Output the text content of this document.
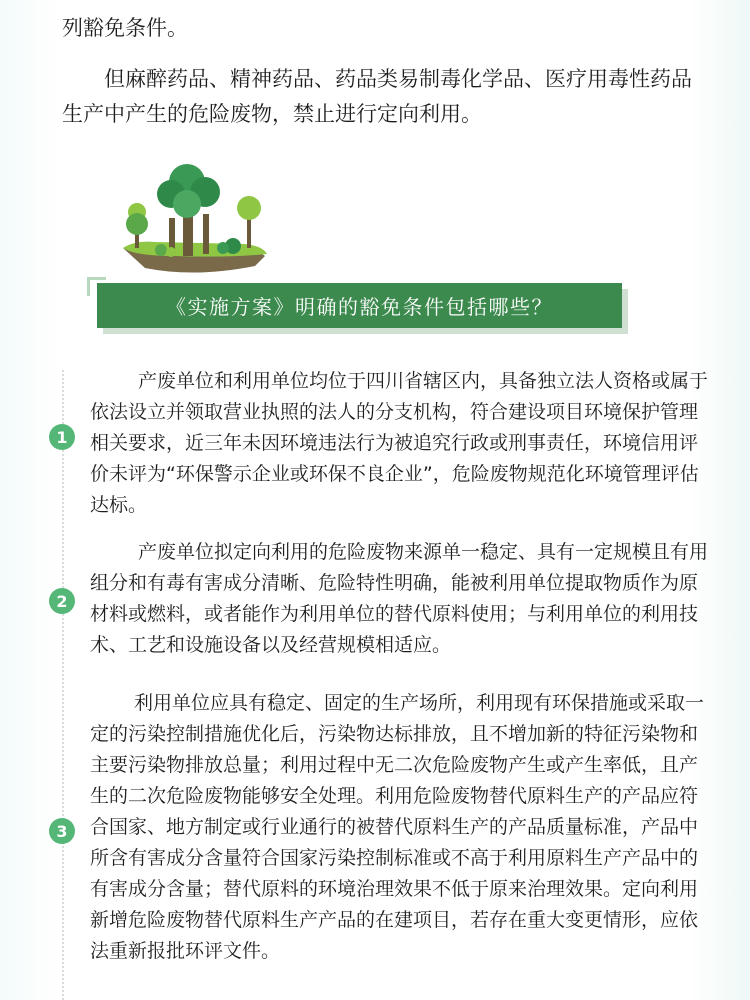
列豁免条件。

但麻醉药品、精神药品、药品类易制毒化学品、医疗用毒性药品生产中产生的危险废物，禁止进行定向利用。

《实施方案》明确的豁免条件包括哪些？
1

产废单位和利用单位均位于四川省辖区内，具备独立法人资格或属于依法设立并领取营业执照的法人的分支机构，符合建设项目环境保护管理相关要求，近三年未因环境违法行为被追究行政或刑事责任，环境信用评价未评为“环保警示企业或环保不良企业”，危险废物规范化环境管理评估达标。

2

产废单位拟定向利用的危险废物来源单一稳定、具有一定规模且有用组分和有毒有害成分清晰、危险特性明确，能被利用单位提取物质作为原材料或燃料，或者能作为利用单位的替代原料使用；与利用单位的利用技术、工艺和设施设备以及经营规模相适应。

3

利用单位应具有稳定、固定的生产场所，利用现有环保措施或采取一定的污染控制措施优化后，污染物达标排放，且不增加新的特征污染物和主要污染物排放总量；利用过程中无二次危险废物产生或产生率低，且产生的二次危险废物能够安全处理。利用危险废物替代原料生产的产品应符合国家、地方制定或行业通行的被替代原料生产的产品质量标准，产品中所含有害成分含量符合国家污染控制标准或不高于利用原料生产产品中的有害成分含量；替代原料的环境治理效果不低于原来治理效果。定向利用新增危险废物替代原料生产产品的在建项目，若存在重大变更情形，应依法重新报批环评文件。
